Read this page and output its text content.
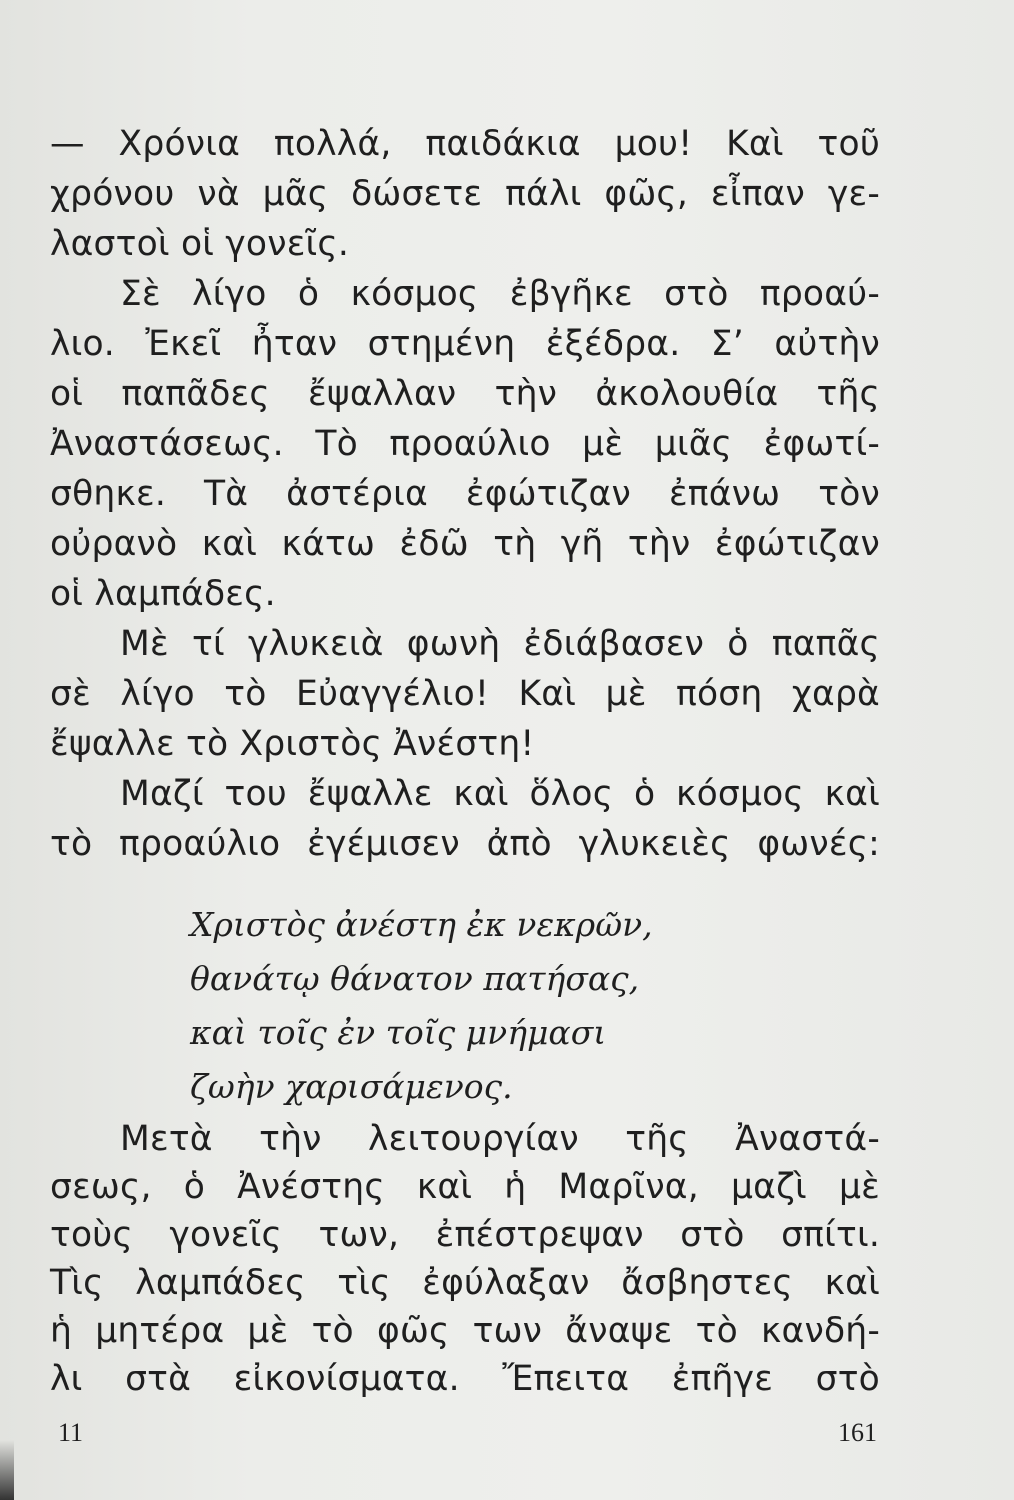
— Χρόνια πολλά, παιδάκια μου! Καὶ τοῦ
χρόνου νὰ μᾶς δώσετε πάλι φῶς, εἶπαν γε-
λαστοὶ οἱ γονεῖς.
Σὲ λίγο ὁ κόσμος ἐβγῆκε στὸ προαύ-
λιο. Ἐκεῖ ἦταν στημένη ἐξέδρα. Σ’ αὐτὴν
οἱ παπᾶδες ἔψαλλαν τὴν ἀκολουθία τῆς
Ἀναστάσεως. Τὸ προαύλιο μὲ μιᾶς ἐφωτί-
σθηκε. Τὰ ἀστέρια ἐφώτιζαν ἐπάνω τὸν
οὐρανὸ καὶ κάτω ἐδῶ τὴ γῆ τὴν ἐφώτιζαν
οἱ λαμπάδες.
Μὲ τί γλυκειὰ φωνὴ ἐδιάβασεν ὁ παπᾶς
σὲ λίγο τὸ Εὐαγγέλιο! Καὶ μὲ πόση χαρὰ
ἔψαλλε τὸ Χριστὸς Ἀνέστη!
Μαζί του ἔψαλλε καὶ ὅλος ὁ κόσμος καὶ
τὸ προαύλιο ἐγέμισεν ἀπὸ γλυκειὲς φωνές:
Χριστὸς ἀνέστη ἐκ νεκρῶν,
θανάτῳ θάνατον πατήσας,
καὶ τοῖς ἐν τοῖς μνήμασι
ζωὴν χαρισάμενος.
Μετὰ τὴν λειτουργίαν τῆς Ἀναστά-
σεως, ὁ Ἀνέστης καὶ ἡ Μαρῖνα, μαζὶ μὲ
τοὺς γονεῖς των, ἐπέστρεψαν στὸ σπίτι.
Τὶς λαμπάδες τὶς ἐφύλαξαν ἄσβηστες καὶ
ἡ μητέρα μὲ τὸ φῶς των ἄναψε τὸ κανδή-
11	161
λι στὰ εἰκονίσματα. Ἔπειτα ἐπῆγε στὸ
